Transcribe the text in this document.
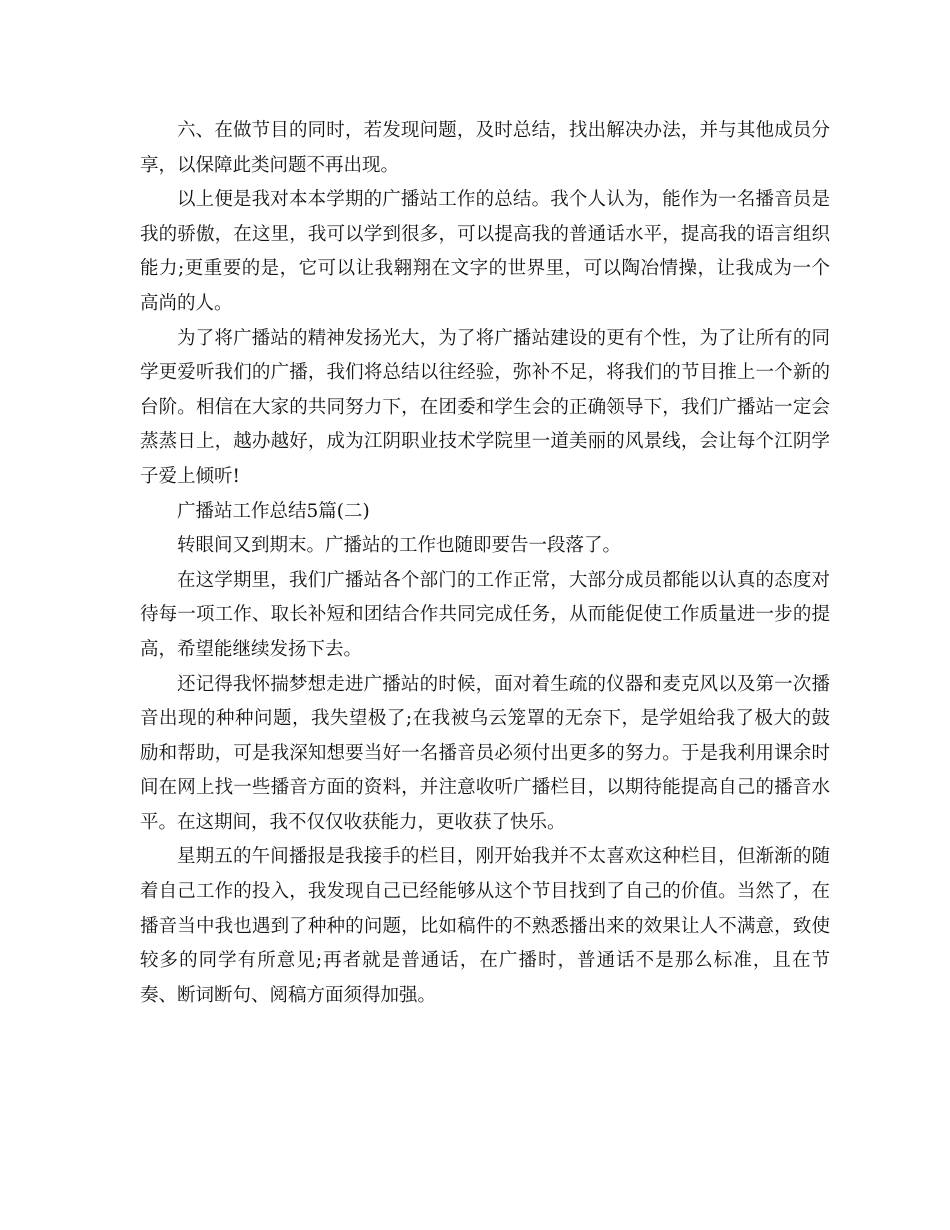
六、在做节目的同时，若发现问题，及时总结，找出解决办法，并与其他成员分享，以保障此类问题不再出现。

以上便是我对本本学期的广播站工作的总结。我个人认为，能作为一名播音员是我的骄傲，在这里，我可以学到很多，可以提高我的普通话水平，提高我的语言组织能力;更重要的是，它可以让我翱翔在文字的世界里，可以陶冶情操，让我成为一个高尚的人。

为了将广播站的精神发扬光大，为了将广播站建设的更有个性，为了让所有的同学更爱听我们的广播，我们将总结以往经验，弥补不足，将我们的节目推上一个新的台阶。相信在大家的共同努力下，在团委和学生会的正确领导下，我们广播站一定会蒸蒸日上，越办越好，成为江阴职业技术学院里一道美丽的风景线，会让每个江阴学子爱上倾听!

广播站工作总结5篇(二)

转眼间又到期末。广播站的工作也随即要告一段落了。

在这学期里，我们广播站各个部门的工作正常，大部分成员都能以认真的态度对待每一项工作、取长补短和团结合作共同完成任务，从而能促使工作质量进一步的提高，希望能继续发扬下去。

还记得我怀揣梦想走进广播站的时候，面对着生疏的仪器和麦克风以及第一次播音出现的种种问题，我失望极了;在我被乌云笼罩的无奈下，是学姐给我了极大的鼓励和帮助，可是我深知想要当好一名播音员必须付出更多的努力。于是我利用课余时间在网上找一些播音方面的资料，并注意收听广播栏目，以期待能提高自己的播音水平。在这期间，我不仅仅收获能力，更收获了快乐。

星期五的午间播报是我接手的栏目，刚开始我并不太喜欢这种栏目，但渐渐的随着自己工作的投入，我发现自己已经能够从这个节目找到了自己的价值。当然了，在播音当中我也遇到了种种的问题，比如稿件的不熟悉播出来的效果让人不满意，致使较多的同学有所意见;再者就是普通话，在广播时，普通话不是那么标准，且在节奏、断词断句、阅稿方面须得加强。
